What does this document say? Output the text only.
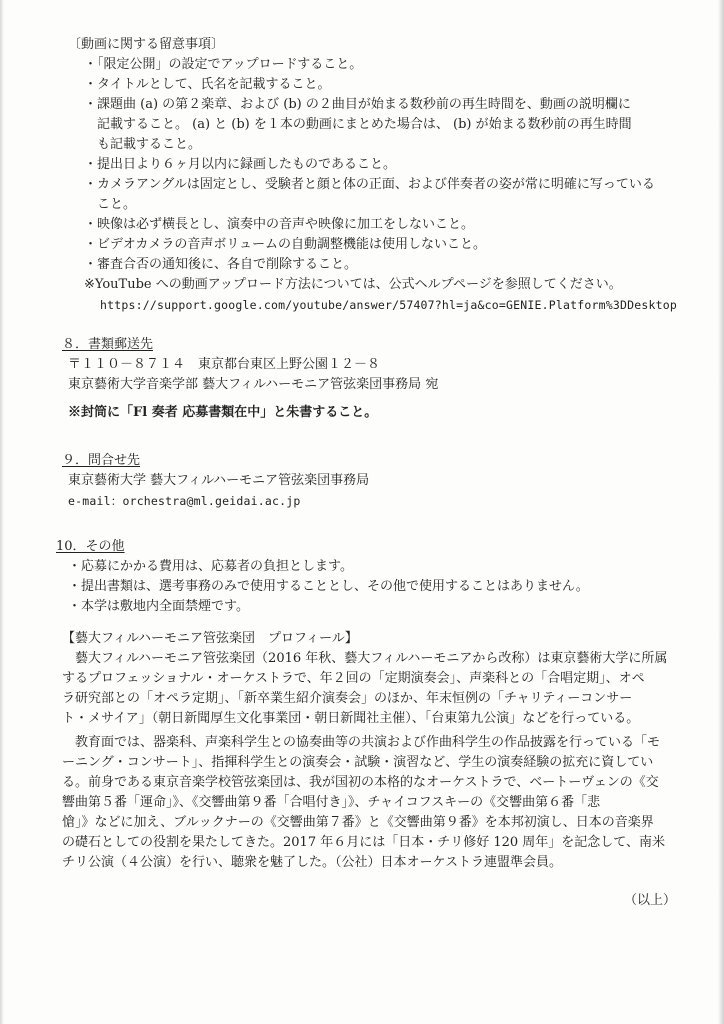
〔動画に関する留意事項〕
・「限定公開」の設定でアップロードすること。
・タイトルとして、氏名を記載すること。
・課題曲 (a) の第２楽章、および (b) の２曲目が始まる数秒前の再生時間を、動画の説明欄に
　記載すること。 (a) と (b) を１本の動画にまとめた場合は、 (b) が始まる数秒前の再生時間
　も記載すること。
・提出日より６ヶ月以内に録画したものであること。
・カメラアングルは固定とし、受験者と顔と体の正面、および伴奏者の姿が常に明確に写っている
　こと。
・映像は必ず横長とし、演奏中の音声や映像に加工をしないこと。
・ビデオカメラの音声ボリュームの自動調整機能は使用しないこと。
・審査合否の通知後に、各自で削除すること。
※YouTube への動画アップロード方法については、公式ヘルプページを参照してください。
https://support.google.com/youtube/answer/57407?hl=ja&co=GENIE.Platform%3DDesktop
８．書類郵送先
〒１１０－８７１４　東京都台東区上野公園１２－８
東京藝術大学音楽学部 藝大フィルハーモニア管弦楽団事務局 宛
※封筒に「Fl 奏者 応募書類在中」と朱書すること。
９．問合せ先
東京藝術大学 藝大フィルハーモニア管弦楽団事務局
e-mail：orchestra@ml.geidai.ac.jp
10．その他
・応募にかかる費用は、応募者の負担とします。
・提出書類は、選考事務のみで使用することとし、その他で使用することはありません。
・本学は敷地内全面禁煙です。
【藝大フィルハーモニア管弦楽団　プロフィール】
　藝大フィルハーモニア管弦楽団（2016 年秋、藝大フィルハーモニアから改称）は東京藝術大学に所属
するプロフェッショナル・オーケストラで、年２回の「定期演奏会」、声楽科との「合唱定期」、オペ
ラ研究部との「オペラ定期」、「新卒業生紹介演奏会」のほか、年末恒例の「チャリティーコンサー
ト・メサイア」（朝日新聞厚生文化事業団・朝日新聞社主催）、「台東第九公演」などを行っている。
　教育面では、器楽科、声楽科学生との協奏曲等の共演および作曲科学生の作品披露を行っている「モ
ーニング・コンサート」、指揮科学生との演奏会・試験・演習など、学生の演奏経験の拡充に資してい
る。前身である東京音楽学校管弦楽団は、我が国初の本格的なオーケストラで、ベートーヴェンの《交
響曲第５番「運命」》、《交響曲第９番「合唱付き」》、チャイコフスキーの《交響曲第６番「悲
愴」》などに加え、ブルックナーの《交響曲第７番》と《交響曲第９番》を本邦初演し、日本の音楽界
の礎石としての役割を果たしてきた。2017 年６月には「日本・チリ修好 120 周年」を記念して、南米
チリ公演（４公演）を行い、聴衆を魅了した。（公社）日本オーケストラ連盟準会員。
（以上）
